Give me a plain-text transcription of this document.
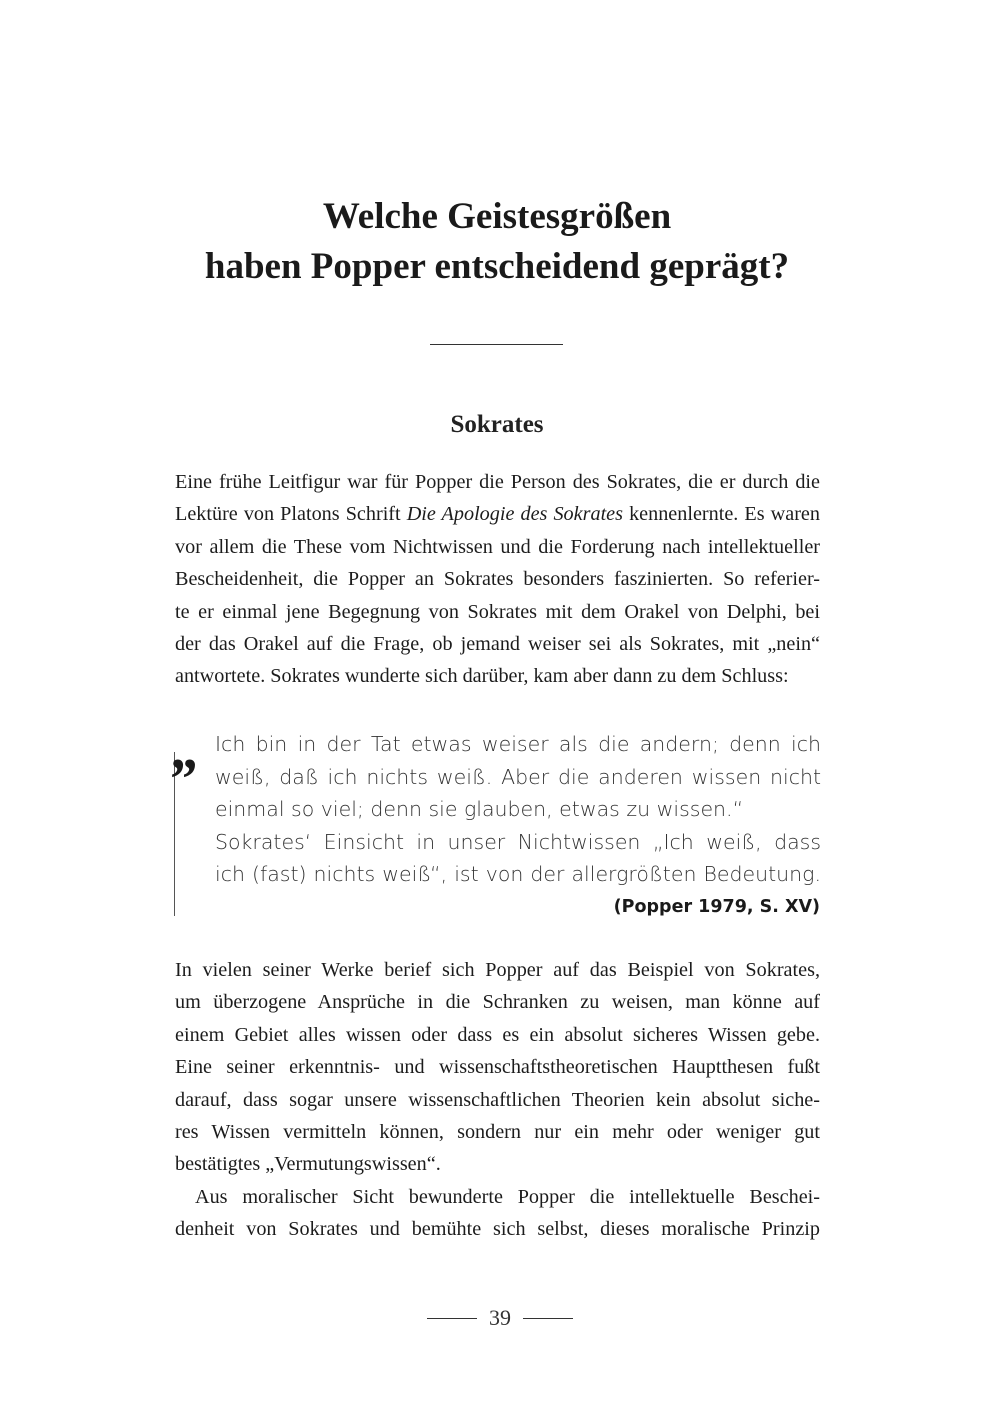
Welche Geistesgrößen
haben Popper entscheidend geprägt?
Sokrates
Eine frühe Leitfigur war für Popper die Person des Sokrates, die er durch die
Lektüre von Platons Schrift Die Apologie des Sokrates kennenlernte. Es waren
vor allem die These vom Nichtwissen und die Forderung nach intellektueller
Bescheidenheit, die Popper an Sokrates besonders faszinierten. So referier-
te er einmal jene Begegnung von Sokrates mit dem Orakel von Delphi, bei
der das Orakel auf die Frage, ob jemand weiser sei als Sokrates, mit „nein“
antwortete. Sokrates wunderte sich darüber, kam aber dann zu dem Schluss:
„ Ich bin in der Tat etwas weiser als die andern; denn ich
weiß, daß ich nichts weiß. Aber die anderen wissen nicht
einmal so viel; denn sie glauben, etwas zu wissen.“
Sokrates‘ Einsicht in unser Nichtwissen „Ich weiß, dass
ich (fast) nichts weiß“, ist von der allergrößten Bedeutung.
(Popper 1979, S. XV)
In vielen seiner Werke berief sich Popper auf das Beispiel von Sokrates,
um überzogene Ansprüche in die Schranken zu weisen, man könne auf
einem Gebiet alles wissen oder dass es ein absolut sicheres Wissen gebe.
Eine seiner erkenntnis- und wissenschaftstheoretischen Hauptthesen fußt
darauf, dass sogar unsere wissenschaftlichen Theorien kein absolut siche-
res Wissen vermitteln können, sondern nur ein mehr oder weniger gut
bestätigtes „Vermutungswissen“.
Aus moralischer Sicht bewunderte Popper die intellektuelle Beschei-
denheit von Sokrates und bemühte sich selbst, dieses moralische Prinzip
39
